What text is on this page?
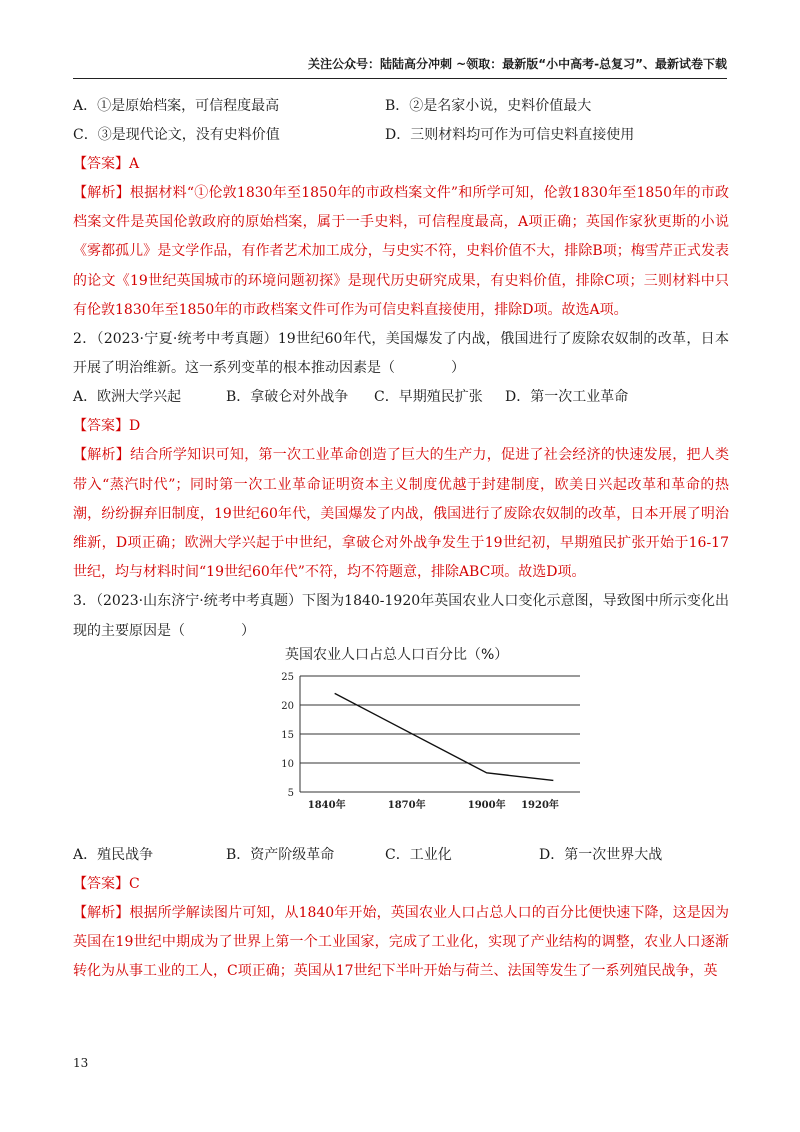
关注公众号：陆陆高分冲刺 ~领取：最新版“小中高考-总复习”、最新试卷下载
A．①是原始档案，可信程度最高	B．②是名家小说，史料价值最大
C．③是现代论文，没有史料价值	D．三则材料均可作为可信史料直接使用
【答案】A
【解析】根据材料“①伦敦1830年至1850年的市政档案文件”和所学可知，伦敦1830年至1850年的市政档案文件是英国伦敦政府的原始档案，属于一手史料，可信程度最高，A项正确；英国作家狄更斯的小说《雾都孤儿》是文学作品，有作者艺术加工成分，与史实不符，史料价值不大，排除B项；梅雪芹正式发表的论文《19世纪英国城市的环境问题初探》是现代历史研究成果，有史料价值，排除C项；三则材料中只有伦敦1830年至1850年的市政档案文件可作为可信史料直接使用，排除D项。故选A项。
2．（2023·宁夏·统考中考真题）19世纪60年代，美国爆发了内战，俄国进行了废除农奴制的改革，日本开展了明治维新。这一系列变革的根本推动因素是（　　　　）
A．欧洲大学兴起	B．拿破仑对外战争 C．早期殖民扩张 D．第一次工业革命
【答案】D
【解析】结合所学知识可知，第一次工业革命创造了巨大的生产力，促进了社会经济的快速发展，把人类带入“蒸汽时代”；同时第一次工业革命证明资本主义制度优越于封建制度，欧美日兴起改革和革命的热潮，纷纷摒弃旧制度，19世纪60年代，美国爆发了内战，俄国进行了废除农奴制的改革，日本开展了明治维新，D项正确；欧洲大学兴起于中世纪，拿破仑对外战争发生于19世纪初，早期殖民扩张开始于16-17世纪，均与材料时间“19世纪60年代”不符，均不符题意，排除ABC项。故选D项。
3．（2023·山东济宁·统考中考真题）下图为1840-1920年英国农业人口变化示意图，导致图中所示变化出现的主要原因是（　　　　）
英国农业人口占总人口百分比（%）
5
10
15
20
25
1840年	1870年	1900年 1920年
A．殖民战争	B．资产阶级革命	C．工业化	D．第一次世界大战
【答案】C
【解析】根据所学解读图片可知，从1840年开始，英国农业人口占总人口的百分比便快速下降，这是因为英国在19世纪中期成为了世界上第一个工业国家，完成了工业化，实现了产业结构的调整，农业人口逐渐转化为从事工业的工人，C项正确；英国从17世纪下半叶开始与荷兰、法国等发生了一系列殖民战争，英
13
